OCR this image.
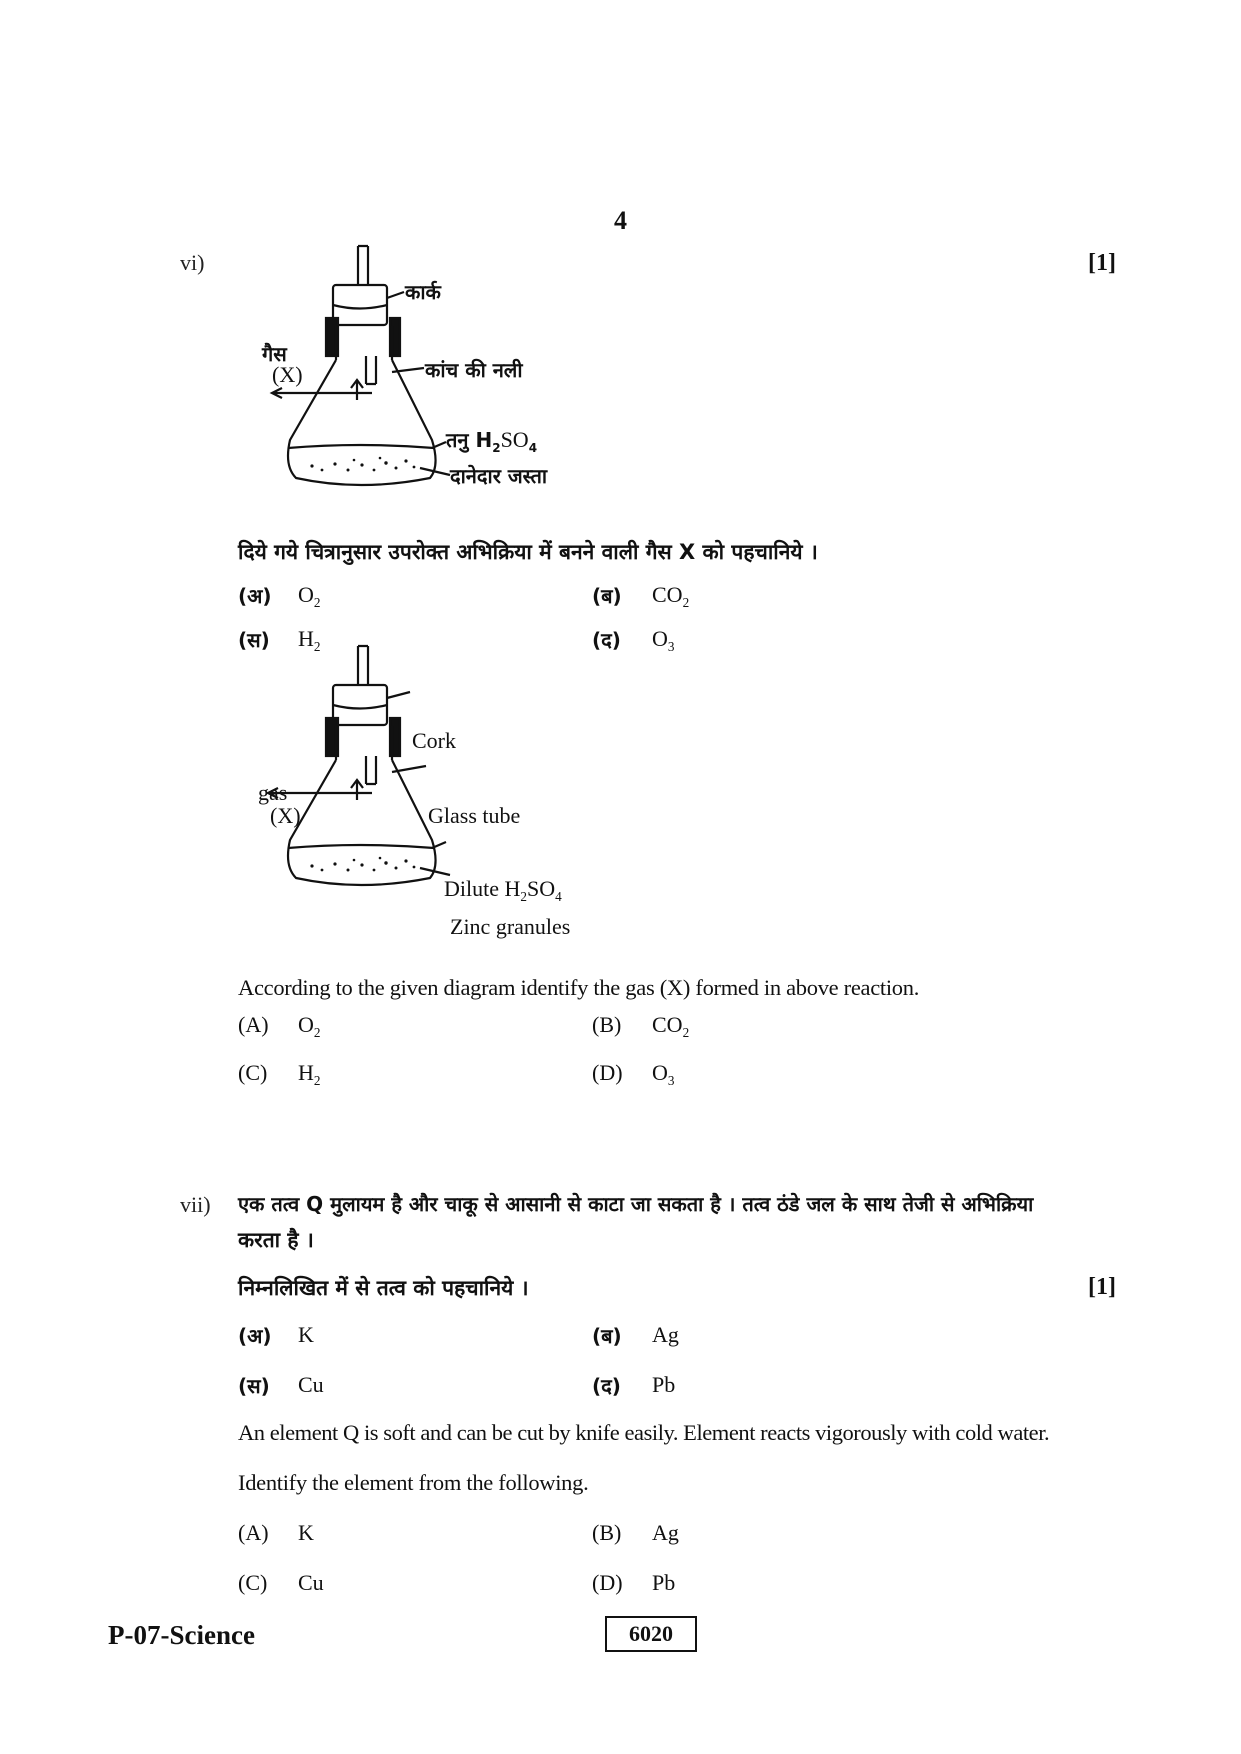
4
vi)	[1]
कार्क
गैस
(X)	कांच की नली
तनु $H_2SO_4$
दानेदार जस्ता
दिये गये चित्रानुसार उपरोक्त अभिक्रिया में बनने वाली गैस X को पहचानिये ।
(अ) $O_2$	(ब) $CO_2$
(स) $H_2$	(द) $O_3$
Cork
gas
(X)	Glass tube
Dilute $H_2SO_4$
Zinc granules
According to the given diagram identify the gas (X) formed in above reaction.
(A) $O_2$	(B) $CO_2$
(C) $H_2$	(D) $O_3$
vii) एक तत्व Q मुलायम है और चाकू से आसानी से काटा जा सकता है । तत्व ठंडे जल के साथ तेजी से अभिक्रिया
करता है ।
निम्नलिखित में से तत्व को पहचानिये ।	[1]
(अ) K	(ब) Ag
(स) Cu	(द) Pb
An element Q is soft and can be cut by knife easily. Element reacts vigorously with cold water.
Identify the element from the following.
(A) K	(B) Ag
(C) Cu	(D) Pb
P-07-Science	6020
